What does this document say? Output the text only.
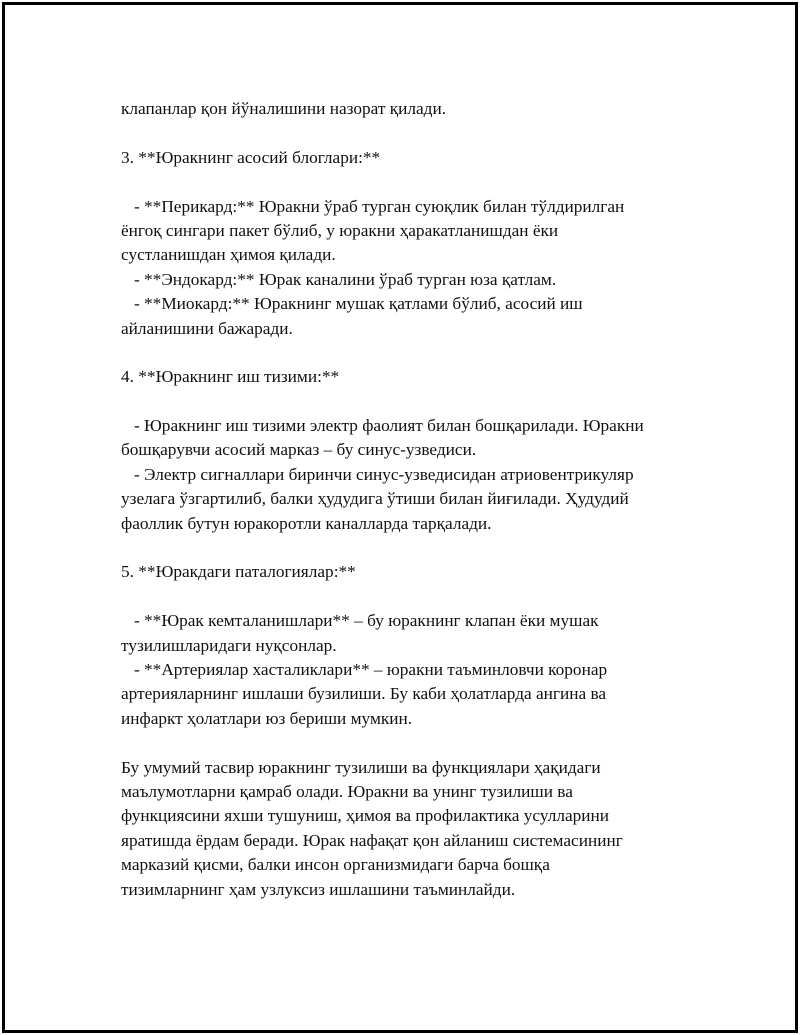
клапанлар қон йўналишини назорат қилади.
3. **Юракнинг асосий блоглари:**
- **Перикард:** Юракни ўраб турган суюқлик билан тўлдирилган
ёнгоқ сингари пакет бўлиб, у юракни ҳаракатланишдан ёки
сустланишдан ҳимоя қилади.
- **Эндокард:** Юрак каналини ўраб турган юза қатлам.
- **Миокард:** Юракнинг мушак қатлами бўлиб, асосий иш
айланишини бажаради.
4. **Юракнинг иш тизими:**
- Юракнинг иш тизими электр фаолият билан бошқарилади. Юракни
бошқарувчи асосий марказ – бу синус-узведиси.
- Электр сигналлари биринчи синус-узведисидан атриовентрикуляр
узелага ўзгартилиб, балки ҳудудига ўтиши билан йиғилади. Ҳудудий
фаоллик бутун юракоротли каналларда тарқалади.
5. **Юракдаги паталогиялар:**
- **Юрак кемталанишлари** – бу юракнинг клапан ёки мушак
тузилишларидаги нуқсонлар.
- **Артериялар хасталиклари** – юракни таъминловчи коронар
артерияларнинг ишлаши бузилиши. Бу каби ҳолатларда ангина ва
инфаркт ҳолатлари юз бериши мумкин.
Бу умумий тасвир юракнинг тузилиши ва функциялари ҳақидаги
маълумотларни қамраб олади. Юракни ва унинг тузилиши ва
функциясини яхши тушуниш, ҳимоя ва профилактика усулларини
яратишда ёрдам беради. Юрак нафақат қон айланиш системасининг
марказий қисми, балки инсон организмидаги барча бошқа
тизимларнинг ҳам узлуксиз ишлашини таъминлайди.
